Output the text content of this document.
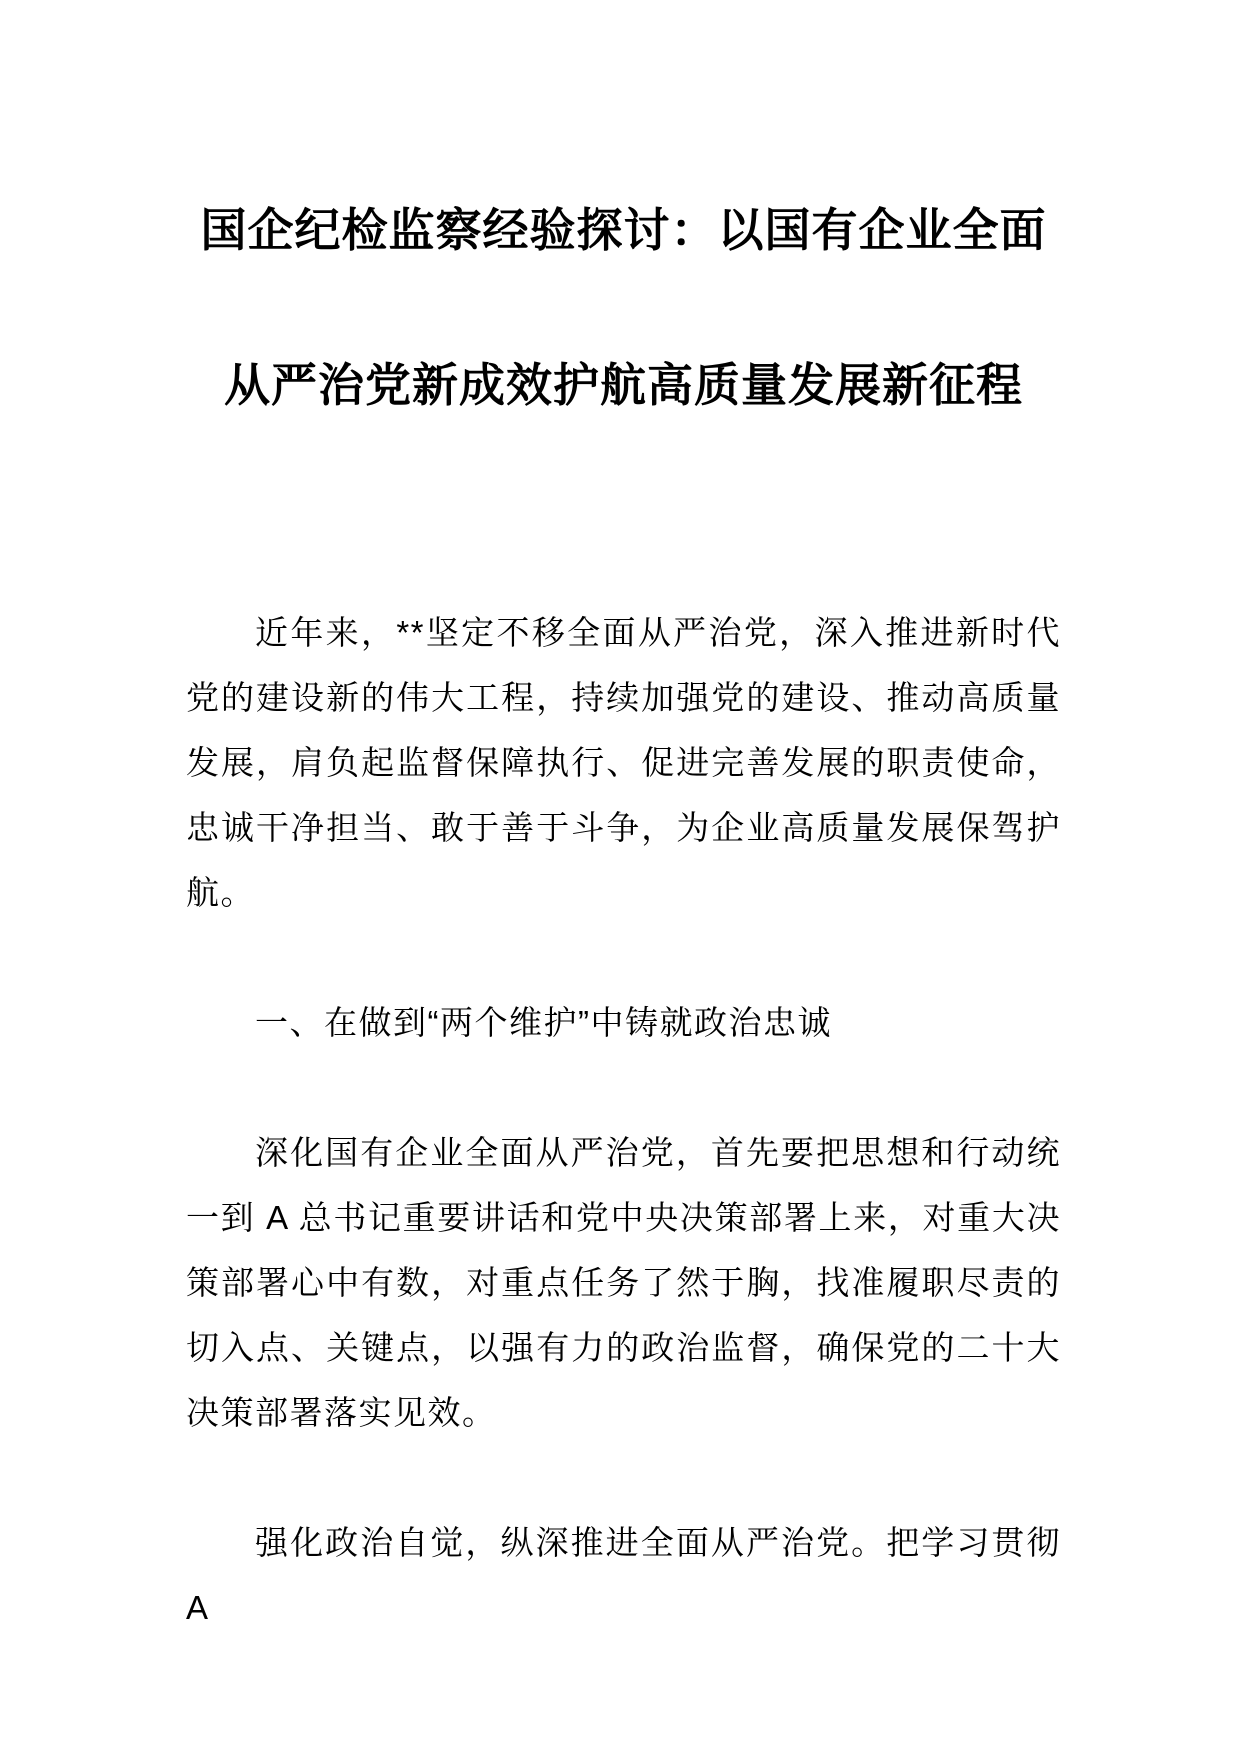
国企纪检监察经验探讨：以国有企业全面
从严治党新成效护航高质量发展新征程

近年来，**坚定不移全面从严治党，深入推进新时代党的建设新的伟大工程，持续加强党的建设、推动高质量发展，肩负起监督保障执行、促进完善发展的职责使命，忠诚干净担当、敢于善于斗争，为企业高质量发展保驾护航。

一、在做到“两个维护”中铸就政治忠诚

深化国有企业全面从严治党，首先要把思想和行动统一到 A 总书记重要讲话和党中央决策部署上来，对重大决策部署心中有数，对重点任务了然于胸，找准履职尽责的切入点、关键点，以强有力的政治监督，确保党的二十大决策部署落实见效。

强化政治自觉，纵深推进全面从严治党。把学习贯彻 A
